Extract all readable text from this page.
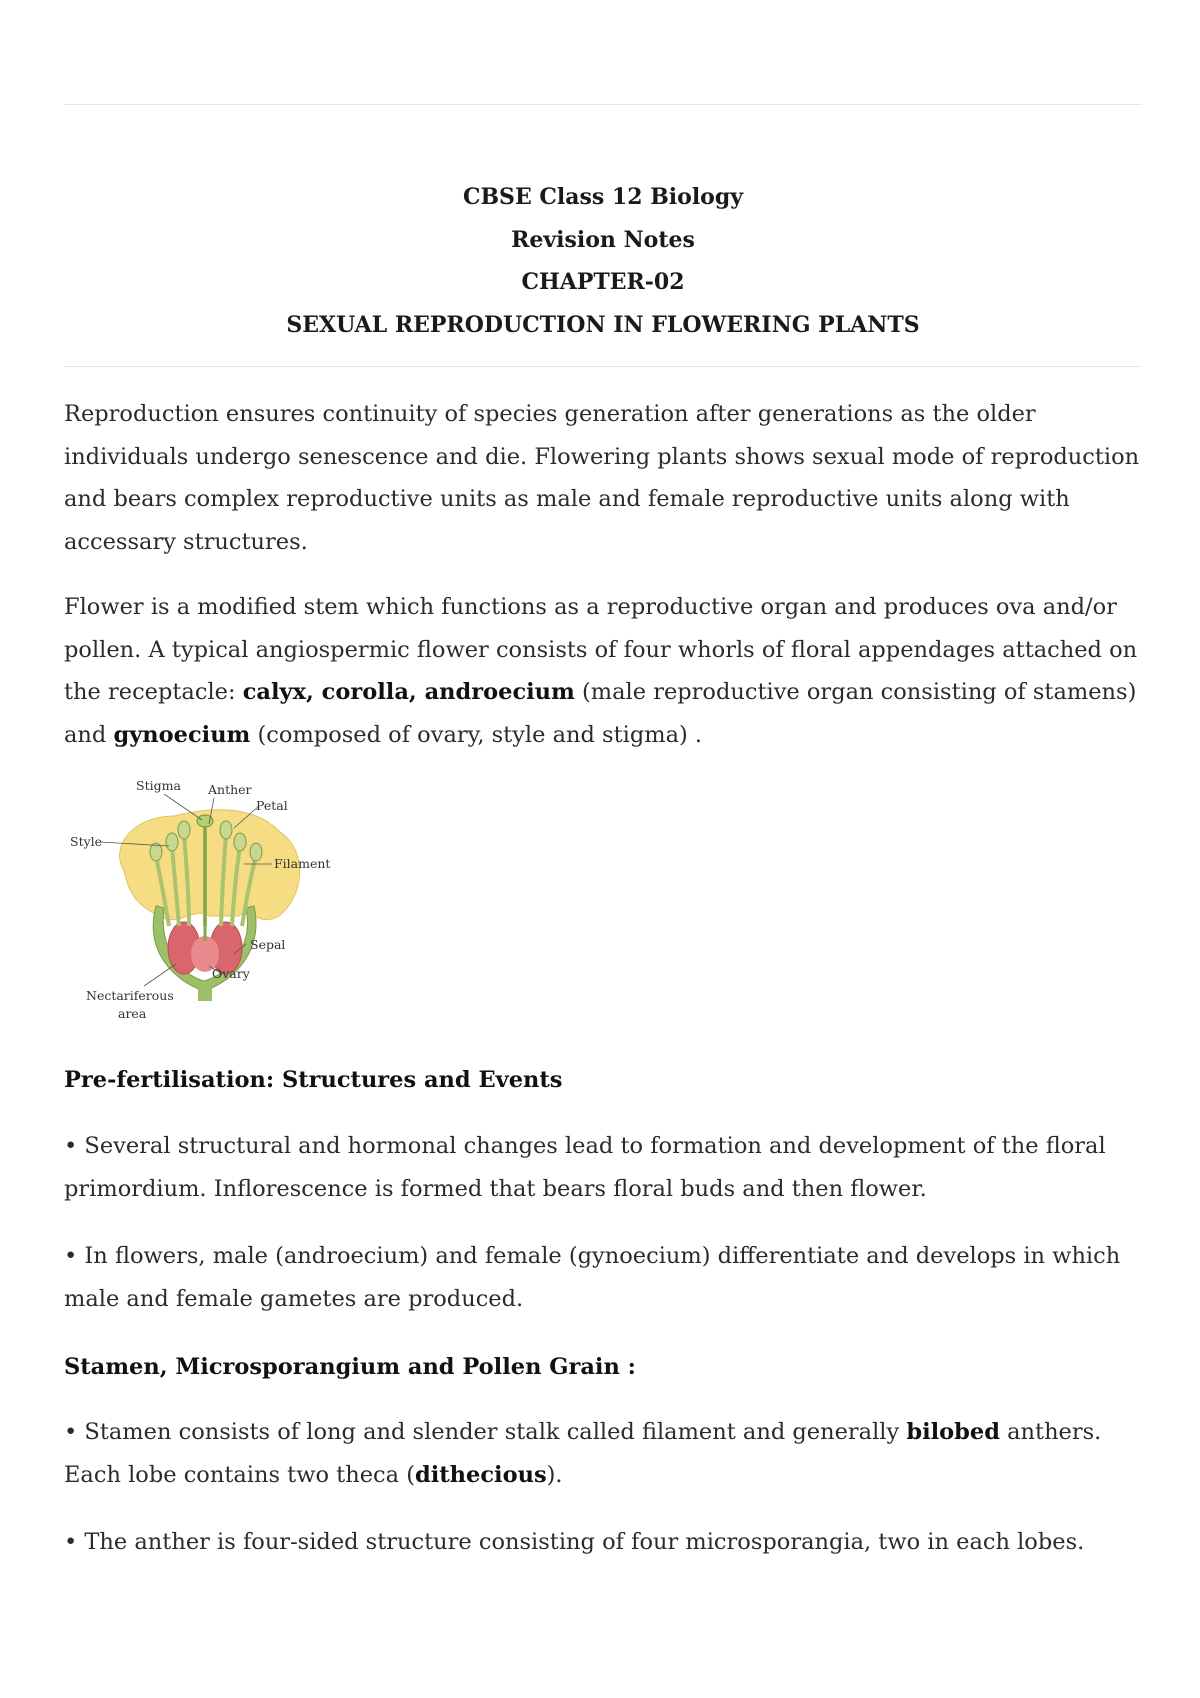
CBSE Class 12 Biology
Revision Notes
CHAPTER-02
SEXUAL REPRODUCTION IN FLOWERING PLANTS

Reproduction ensures continuity of species generation after generations as the older individuals undergo senescence and die. Flowering plants shows sexual mode of reproduction and bears complex reproductive units as male and female reproductive units along with accessary structures.

Flower is a modified stem which functions as a reproductive organ and produces ova and/or pollen. A typical angiospermic flower consists of four whorls of floral appendages attached on the receptacle: calyx, corolla, androecium (male reproductive organ consisting of stamens) and gynoecium (composed of ovary, style and stigma) .

Stigma Anther
Petal
Style
Filament
Sepal
Ovary
Nectariferous
area
Pre-fertilisation: Structures and Events

• Several structural and hormonal changes lead to formation and development of the floral primordium. Inflorescence is formed that bears floral buds and then flower.

• In flowers, male (androecium) and female (gynoecium) differentiate and develops in which male and female gametes are produced.

Stamen, Microsporangium and Pollen Grain :

• Stamen consists of long and slender stalk called filament and generally bilobed anthers. Each lobe contains two theca (dithecious).

• The anther is four-sided structure consisting of four microsporangia, two in each lobes.
